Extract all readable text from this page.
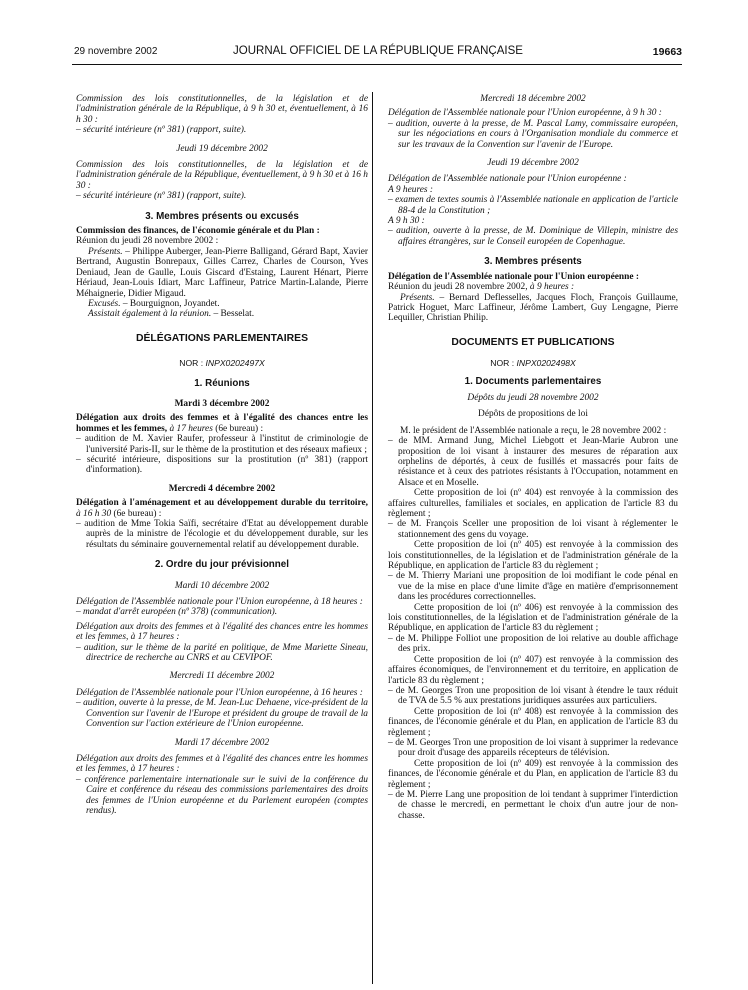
29 novembre 2002	JOURNAL OFFICIEL DE LA RÉPUBLIQUE FRANÇAISE	19663

Commission des lois constitutionnelles, de la législation et de l'administration générale de la République, à 9 h 30 et, éventuellement, à 16 h 30 :

– sécurité intérieure (nº 381) (rapport, suite).

Jeudi 19 décembre 2002

Commission des lois constitutionnelles, de la législation et de l'administration générale de la République, éventuellement, à 9 h 30 et à 16 h 30 :

– sécurité intérieure (nº 381) (rapport, suite).

3. Membres présents ou excusés

Commission des finances, de l'économie générale et du Plan :

Réunion du jeudi 28 novembre 2002 :

Présents. – Philippe Auberger, Jean-Pierre Balligand, Gérard Bapt, Xavier Bertrand, Augustin Bonrepaux, Gilles Carrez, Charles de Courson, Yves Deniaud, Jean de Gaulle, Louis Giscard d'Estaing, Laurent Hénart, Pierre Hériaud, Jean-Louis Idiart, Marc Laffineur, Patrice Martin-Lalande, Pierre Méhaignerie, Didier Migaud.

Excusés. – Bourguignon, Joyandet.

Assistait également à la réunion. – Besselat.

DÉLÉGATIONS PARLEMENTAIRES

NOR : INPX0202497X

1. Réunions

Mardi 3 décembre 2002

Délégation aux droits des femmes et à l'égalité des chances entre les hommes et les femmes, à 17 heures (6e bureau) :

– audition de M. Xavier Raufer, professeur à l'institut de criminologie de l'université Paris-II, sur le thème de la prostitution et des réseaux mafieux ;

– sécurité intérieure, dispositions sur la prostitution (nº 381) (rapport d'information).

Mercredi 4 décembre 2002

Délégation à l'aménagement et au développement durable du territoire, à 16 h 30 (6e bureau) :

– audition de Mme Tokia Saïfi, secrétaire d'Etat au développement durable auprès de la ministre de l'écologie et du développement durable, sur les résultats du séminaire gouvernemental relatif au développement durable.

2. Ordre du jour prévisionnel

Mardi 10 décembre 2002

Délégation de l'Assemblée nationale pour l'Union européenne, à 18 heures :

– mandat d'arrêt européen (nº 378) (communication).

Délégation aux droits des femmes et à l'égalité des chances entre les hommes et les femmes, à 17 heures :

– audition, sur le thème de la parité en politique, de Mme Mariette Sineau, directrice de recherche au CNRS et au CEVIPOF.

Mercredi 11 décembre 2002

Délégation de l'Assemblée nationale pour l'Union européenne, à 16 heures :

– audition, ouverte à la presse, de M. Jean-Luc Dehaene, vice-président de la Convention sur l'avenir de l'Europe et président du groupe de travail de la Convention sur l'action extérieure de l'Union européenne.

Mardi 17 décembre 2002

Délégation aux droits des femmes et à l'égalité des chances entre les hommes et les femmes, à 17 heures :

– conférence parlementaire internationale sur le suivi de la conférence du Caire et conférence du réseau des commissions parlementaires des droits des femmes de l'Union européenne et du Parlement européen (comptes rendus).

Mercredi 18 décembre 2002

Délégation de l'Assemblée nationale pour l'Union européenne, à 9 h 30 :

– audition, ouverte à la presse, de M. Pascal Lamy, commissaire européen, sur les négociations en cours à l'Organisation mondiale du commerce et sur les travaux de la Convention sur l'avenir de l'Europe.

Jeudi 19 décembre 2002

Délégation de l'Assemblée nationale pour l'Union européenne :

A 9 heures :

– examen de textes soumis à l'Assemblée nationale en application de l'article 88-4 de la Constitution ;

A 9 h 30 :

– audition, ouverte à la presse, de M. Dominique de Villepin, ministre des affaires étrangères, sur le Conseil européen de Copenhague.

3. Membres présents

Délégation de l'Assemblée nationale pour l'Union européenne :

Réunion du jeudi 28 novembre 2002, à 9 heures :

Présents. – Bernard Deflesselles, Jacques Floch, François Guillaume, Patrick Hoguet, Marc Laffineur, Jérôme Lambert, Guy Lengagne, Pierre Lequiller, Christian Philip.

DOCUMENTS ET PUBLICATIONS

NOR : INPX0202498X

1. Documents parlementaires

Dépôts du jeudi 28 novembre 2002

Dépôts de propositions de loi

M. le président de l'Assemblée nationale a reçu, le 28 novembre 2002 :

– de MM. Armand Jung, Michel Liebgott et Jean-Marie Aubron une proposition de loi visant à instaurer des mesures de réparation aux orphelins de déportés, à ceux de fusillés et massacrés pour faits de résistance et à ceux des patriotes résistants à l'Occupation, notamment en Alsace et en Moselle.

Cette proposition de loi (nº 404) est renvoyée à la commission des affaires culturelles, familiales et sociales, en application de l'article 83 du règlement ;

– de M. François Sceller une proposition de loi visant à réglementer le stationnement des gens du voyage.

Cette proposition de loi (nº 405) est renvoyée à la commission des lois constitutionnelles, de la législation et de l'administration générale de la République, en application de l'article 83 du règlement ;

– de M. Thierry Mariani une proposition de loi modifiant le code pénal en vue de la mise en place d'une limite d'âge en matière d'emprisonnement dans les procédures correctionnelles.

Cette proposition de loi (nº 406) est renvoyée à la commission des lois constitutionnelles, de la législation et de l'administration générale de la République, en application de l'article 83 du règlement ;

– de M. Philippe Folliot une proposition de loi relative au double affichage des prix.

Cette proposition de loi (nº 407) est renvoyée à la commission des affaires économiques, de l'environnement et du territoire, en application de l'article 83 du règlement ;

– de M. Georges Tron une proposition de loi visant à étendre le taux réduit de TVA de 5.5 % aux prestations juridiques assurées aux particuliers.

Cette proposition de loi (nº 408) est renvoyée à la commission des finances, de l'économie générale et du Plan, en application de l'article 83 du règlement ;

– de M. Georges Tron une proposition de loi visant à supprimer la redevance pour droit d'usage des appareils récepteurs de télévision.

Cette proposition de loi (nº 409) est renvoyée à la commission des finances, de l'économie générale et du Plan, en application de l'article 83 du règlement ;

– de M. Pierre Lang une proposition de loi tendant à supprimer l'interdiction de chasse le mercredi, en permettant le choix d'un autre jour de non-chasse.
